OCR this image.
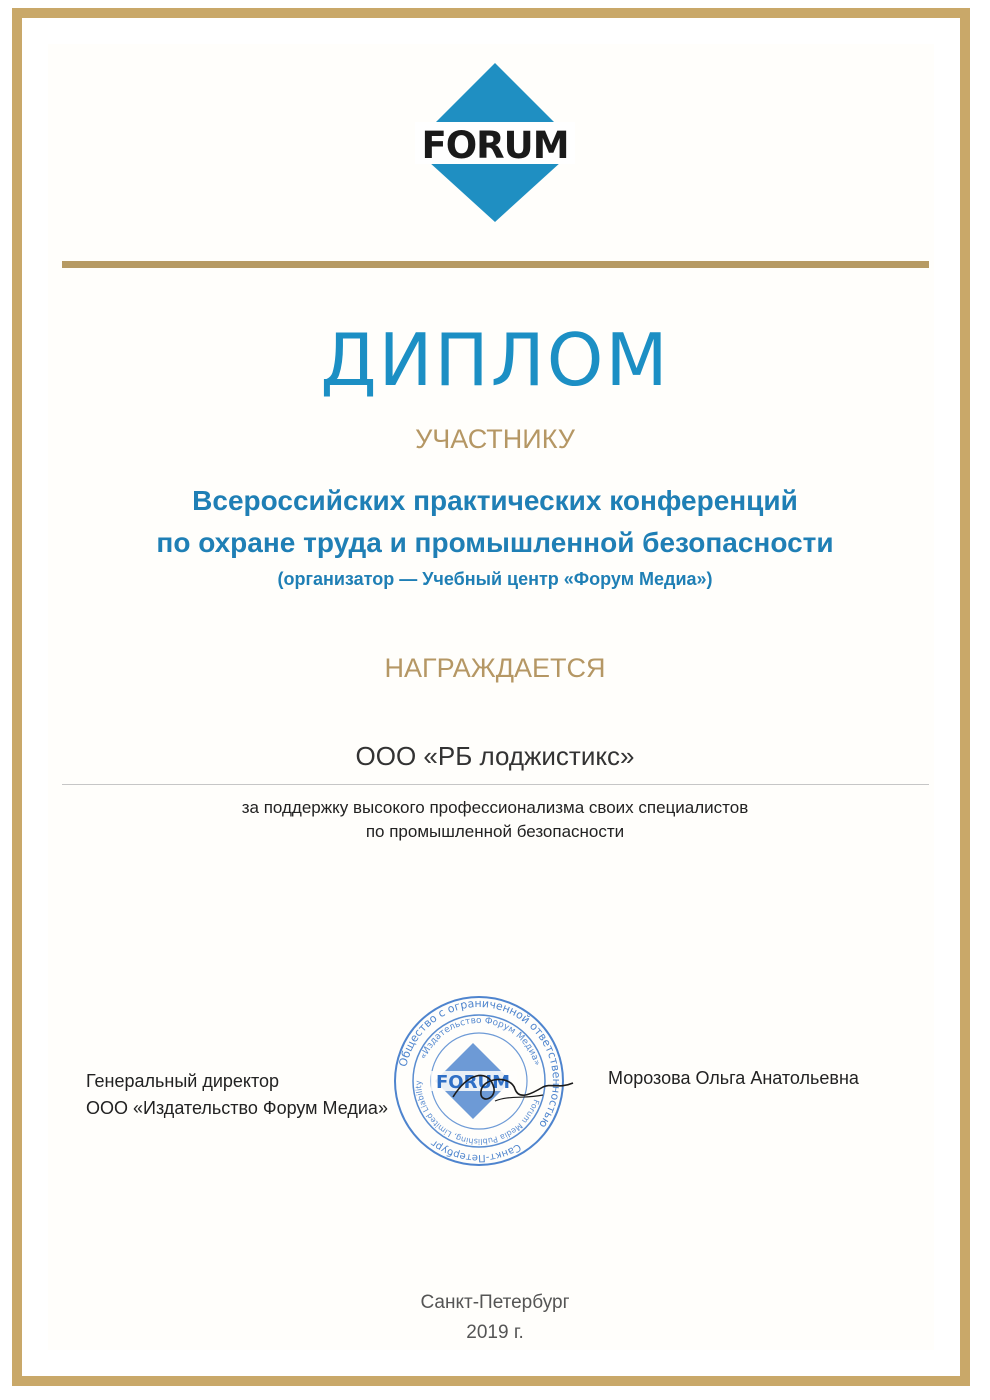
FORUM
ДИПЛОМ
УЧАСТНИКУ
Всероссийских практических конференций
по охране труда и промышленной безопасности
(организатор — Учебный центр «Форум Медиа»)
НАГРАЖДАЕТСЯ
ООО «РБ лоджистикс»
за поддержку высокого профессионализма своих специалистов
по промышленной безопасности
Генеральный директор
ООО «Издательство Форум Медиа»
Общество с ограниченной ответственностью
«Издательство Форум Медиа»
Forum Media Publishing, Limited Liability
Санкт-Петербург
FORUM	Морозова Ольга Анатольевна
Санкт-Петербург
2019 г.
